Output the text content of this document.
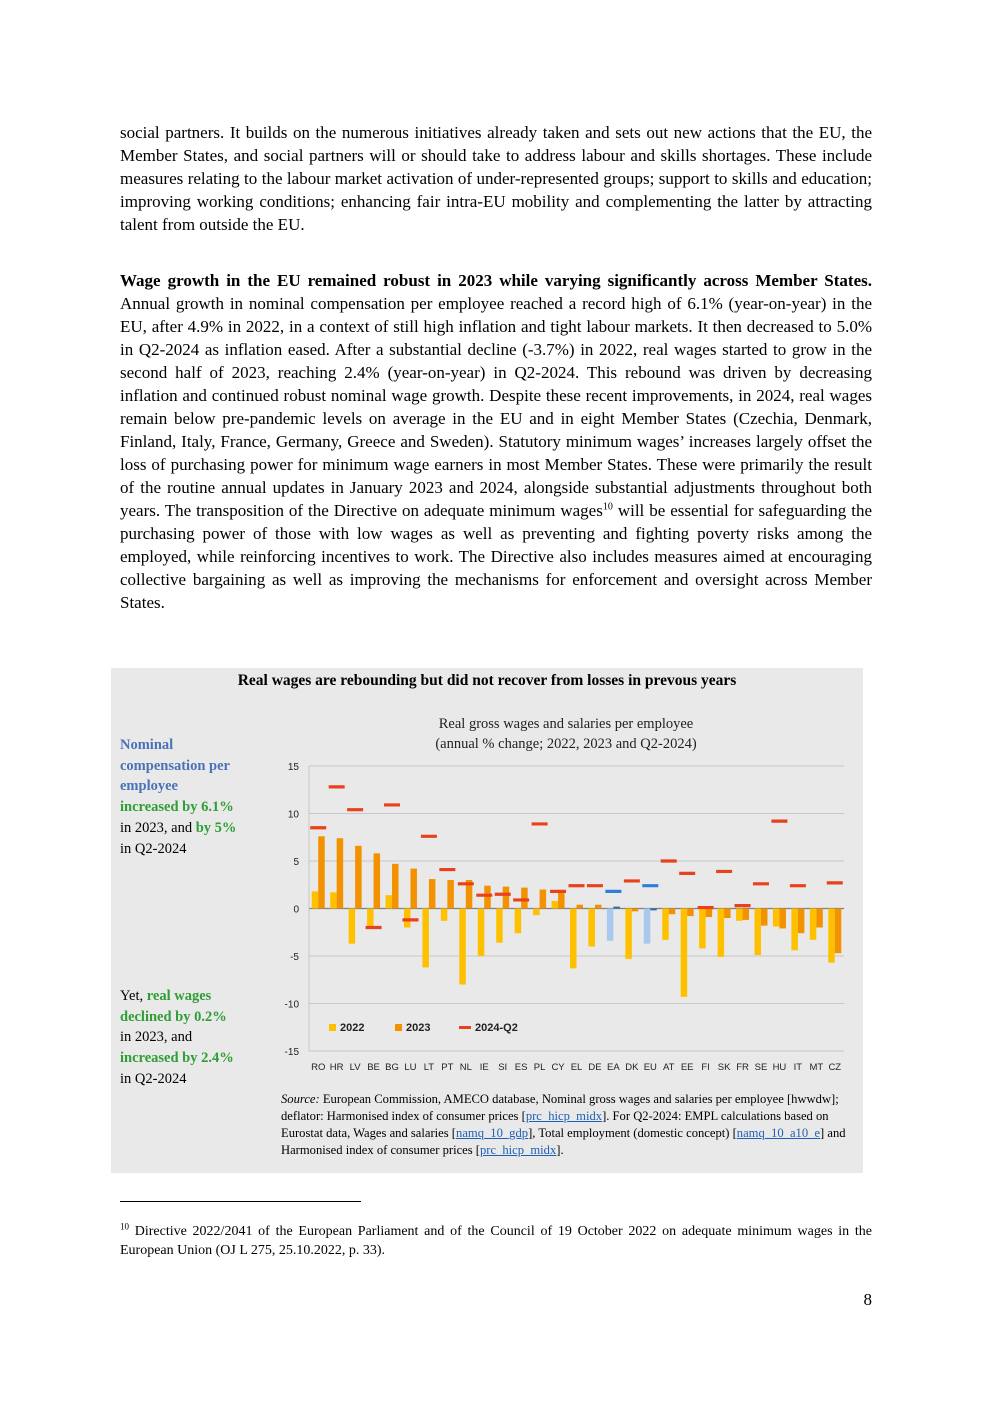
social partners. It builds on the numerous initiatives already taken and sets out new actions that the EU, the Member States, and social partners will or should take to address labour and skills shortages. These include measures relating to the labour market activation of under-represented groups; support to skills and education; improving working conditions; enhancing fair intra-EU mobility and complementing the latter by attracting talent from outside the EU.

Wage growth in the EU remained robust in 2023 while varying significantly across Member States. Annual growth in nominal compensation per employee reached a record high of 6.1% (year-on-year) in the EU, after 4.9% in 2022, in a context of still high inflation and tight labour markets. It then decreased to 5.0% in Q2-2024 as inflation eased. After a substantial decline (-3.7%) in 2022, real wages started to grow in the second half of 2023, reaching 2.4% (year-on-year) in Q2-2024. This rebound was driven by decreasing inflation and continued robust nominal wage growth. Despite these recent improvements, in 2024, real wages remain below pre-pandemic levels on average in the EU and in eight Member States (Czechia, Denmark, Finland, Italy, France, Germany, Greece and Sweden). Statutory minimum wages’ increases largely offset the loss of purchasing power for minimum wage earners in most Member States. These were primarily the result of the routine annual updates in January 2023 and 2024, alongside substantial adjustments throughout both years. The transposition of the Directive on adequate minimum wages$^{10}$ will be essential for safeguarding the purchasing power of those with low wages as well as preventing and fighting poverty risks among the employed, while reinforcing incentives to work. The Directive also includes measures aimed at encouraging collective bargaining as well as improving the mechanisms for enforcement and oversight across Member States.

Real wages are rebounding but did not recover from losses in prevous years
Nominal compensation per employee increased by 6.1% in 2023, and by 5% in Q2-2024
Yet, real wages declined by 0.2% in 2023, and increased by 2.4% in Q2-2024
Real gross wages and salaries per employee
(annual % change; 2022, 2023 and Q2-2024)
15
10
5
0
-5
-10
-15
RO HR LV BE BG LU LT PT NL IE SI ES PL CY EL DE EA DK EU AT EE FI SK FR SE HU IT MT CZ
2022	2023	2024-Q2
Source: European Commission, AMECO database, Nominal gross wages and salaries per employee [hwwdw]; deflator: Harmonised index of consumer prices [prc_hicp_midx]. For Q2-2024: EMPL calculations based on Eurostat data, Wages and salaries [namq_10_gdp], Total employment (domestic concept) [namq_10_a10_e] and Harmonised index of consumer prices [prc_hicp_midx].
$^{10}$ Directive 2022/2041 of the European Parliament and of the Council of 19 October 2022 on adequate minimum wages in the European Union (OJ L 275, 25.10.2022, p. 33).
8
